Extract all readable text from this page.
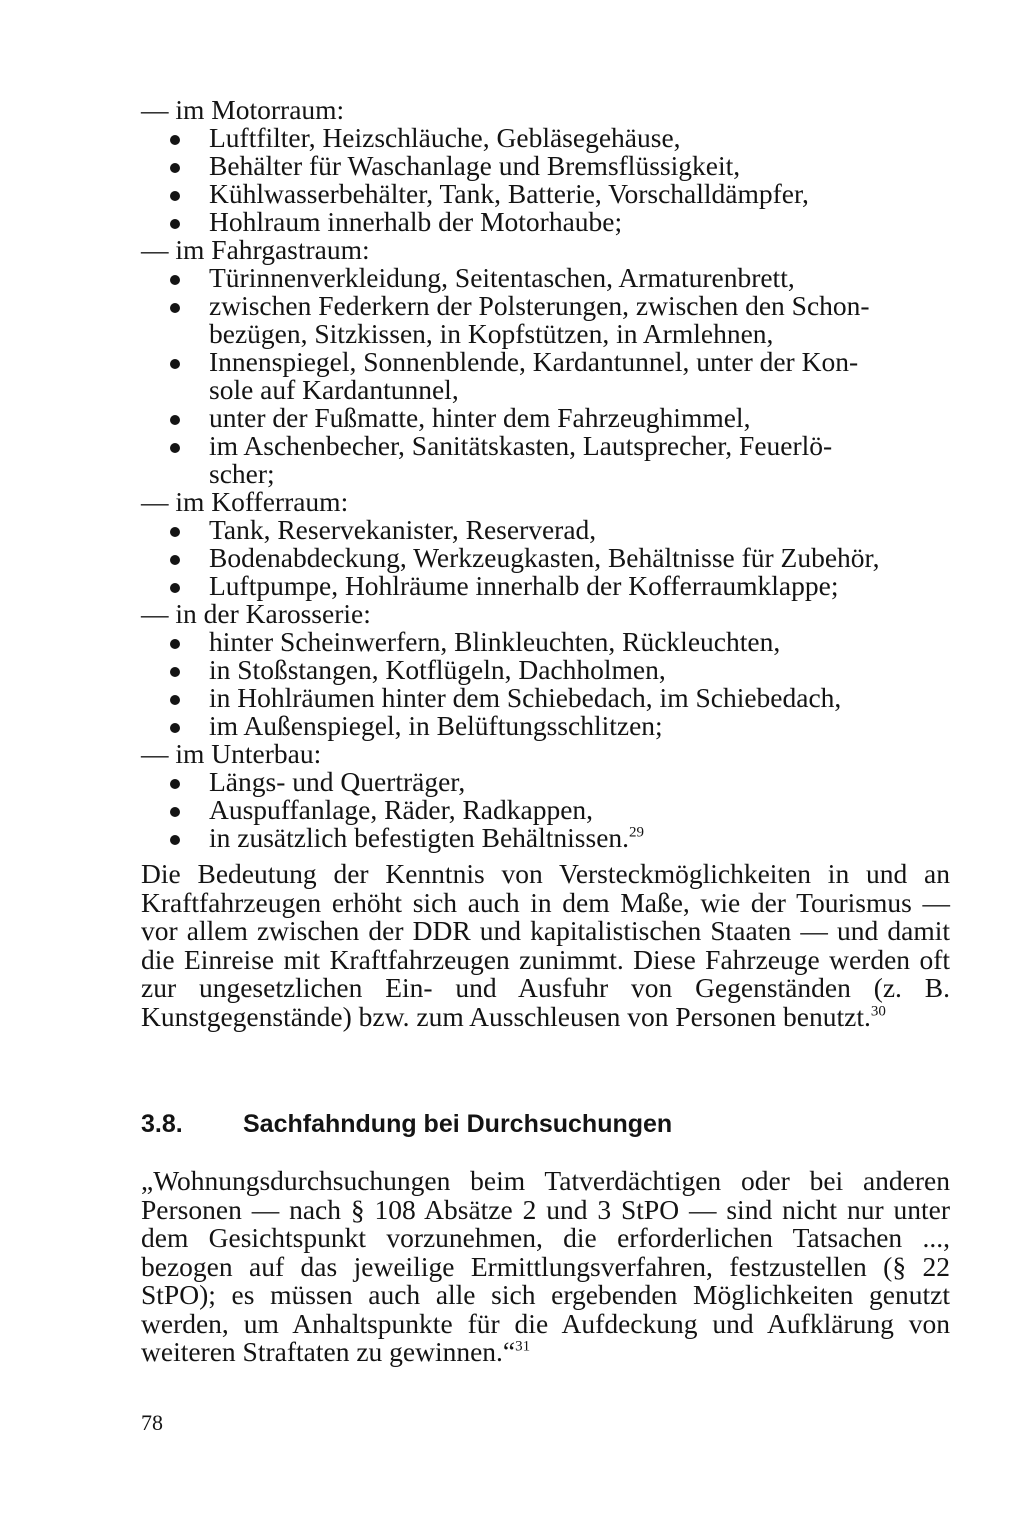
— im Motorraum:
Luftfilter, Heizschläuche, Gebläsegehäuse,
Behälter für Waschanlage und Bremsflüssigkeit,
Kühlwasserbehälter, Tank, Batterie, Vorschalldämpfer,
Hohlraum innerhalb der Motorhaube;
— im Fahrgastraum:
Türinnenverkleidung, Seitentaschen, Armaturenbrett,
zwischen Federkern der Polsterungen, zwischen den Schon-
bezügen, Sitzkissen, in Kopfstützen, in Armlehnen,
Innenspiegel, Sonnenblende, Kardantunnel, unter der Kon-
sole auf Kardantunnel,
unter der Fußmatte, hinter dem Fahrzeughimmel,
im Aschenbecher, Sanitätskasten, Lautsprecher, Feuerlö-
scher;
— im Kofferraum:
Tank, Reservekanister, Reserverad,
Bodenabdeckung, Werkzeugkasten, Behältnisse für Zubehör,
Luftpumpe, Hohlräume innerhalb der Kofferraumklappe;
— in der Karosserie:
hinter Scheinwerfern, Blinkleuchten, Rückleuchten,
in Stoßstangen, Kotflügeln, Dachholmen,
in Hohlräumen hinter dem Schiebedach, im Schiebedach,
im Außenspiegel, in Belüftungsschlitzen;
— im Unterbau:
Längs- und Querträger,
Auspuffanlage, Räder, Radkappen,
in zusätzlich befestigten Behältnissen.$^{29}$

Die Bedeutung der Kenntnis von Versteckmöglichkeiten in und an Kraftfahrzeugen erhöht sich auch in dem Maße, wie der Tourismus — vor allem zwischen der DDR und kapitalistischen Staaten — und damit die Einreise mit Kraftfahrzeugen zunimmt. Diese Fahrzeuge werden oft zur ungesetzlichen Ein- und Ausfuhr von Gegenständen (z. B. Kunstgegenstände) bzw. zum Ausschleusen von Personen benutzt.$^{30}$

3.8. Sachfahndung bei Durchsuchungen

„Wohnungsdurchsuchungen beim Tatverdächtigen oder bei anderen Personen — nach § 108 Absätze 2 und 3 StPO — sind nicht nur unter dem Gesichtspunkt vorzunehmen, die erforderlichen Tatsachen ..., bezogen auf das jeweilige Ermittlungsverfahren, festzustellen (§ 22 StPO); es müssen auch alle sich ergebenden Möglichkeiten genutzt werden, um Anhaltspunkte für die Aufdeckung und Aufklärung von weiteren Straftaten zu gewinnen.“$^{31}$

78
